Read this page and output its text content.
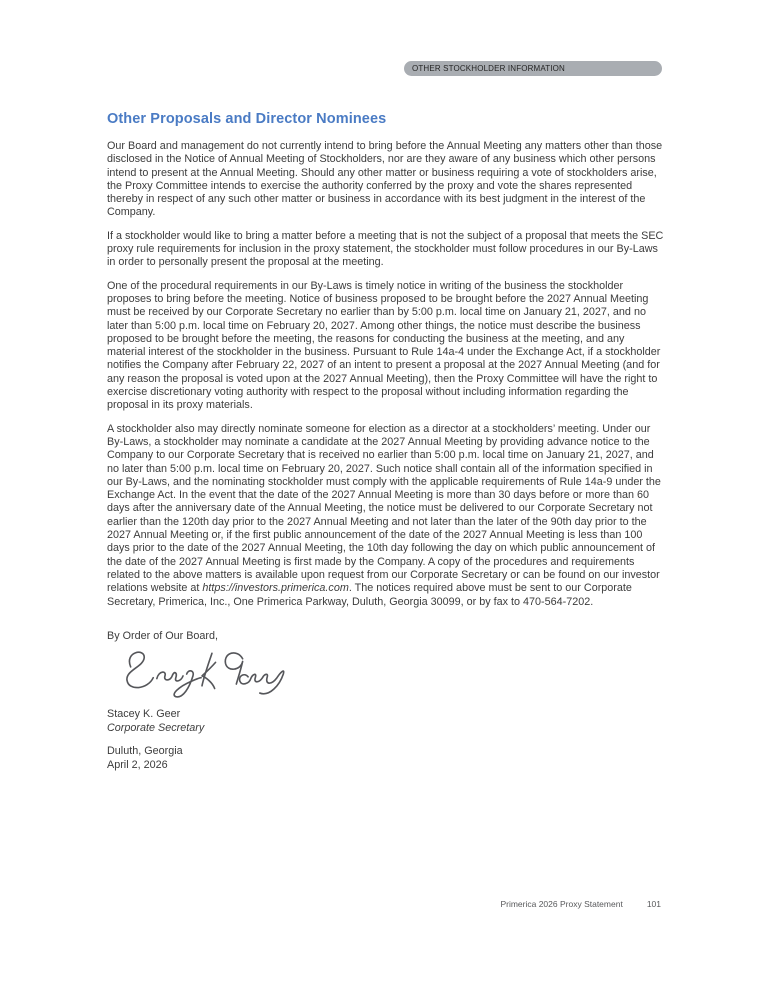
OTHER STOCKHOLDER INFORMATION
Other Proposals and Director Nominees

Our Board and management do not currently intend to bring before the Annual Meeting any matters other than those disclosed in the Notice of Annual Meeting of Stockholders, nor are they aware of any business which other persons intend to present at the Annual Meeting. Should any other matter or business requiring a vote of stockholders arise, the Proxy Committee intends to exercise the authority conferred by the proxy and vote the shares represented thereby in respect of any such other matter or business in accordance with its best judgment in the interest of the Company.

If a stockholder would like to bring a matter before a meeting that is not the subject of a proposal that meets the SEC proxy rule requirements for inclusion in the proxy statement, the stockholder must follow procedures in our By-Laws in order to personally present the proposal at the meeting.

One of the procedural requirements in our By-Laws is timely notice in writing of the business the stockholder proposes to bring before the meeting. Notice of business proposed to be brought before the 2027 Annual Meeting must be received by our Corporate Secretary no earlier than by 5:00 p.m. local time on January 21, 2027, and no later than 5:00 p.m. local time on February 20, 2027. Among other things, the notice must describe the business proposed to be brought before the meeting, the reasons for conducting the business at the meeting, and any material interest of the stockholder in the business. Pursuant to Rule 14a-4 under the Exchange Act, if a stockholder notifies the Company after February 22, 2027 of an intent to present a proposal at the 2027 Annual Meeting (and for any reason the proposal is voted upon at the 2027 Annual Meeting), then the Proxy Committee will have the right to exercise discretionary voting authority with respect to the proposal without including information regarding the proposal in its proxy materials.

A stockholder also may directly nominate someone for election as a director at a stockholders’ meeting. Under our By-Laws, a stockholder may nominate a candidate at the 2027 Annual Meeting by providing advance notice to the Company to our Corporate Secretary that is received no earlier than 5:00 p.m. local time on January 21, 2027, and no later than 5:00 p.m. local time on February 20, 2027. Such notice shall contain all of the information specified in our By-Laws, and the nominating stockholder must comply with the applicable requirements of Rule 14a-9 under the Exchange Act. In the event that the date of the 2027 Annual Meeting is more than 30 days before or more than 60 days after the anniversary date of the Annual Meeting, the notice must be delivered to our Corporate Secretary not earlier than the 120th day prior to the 2027 Annual Meeting and not later than the later of the 90th day prior to the 2027 Annual Meeting or, if the first public announcement of the date of the 2027 Annual Meeting is less than 100 days prior to the date of the 2027 Annual Meeting, the 10th day following the day on which public announcement of the date of the 2027 Annual Meeting is first made by the Company. A copy of the procedures and requirements related to the above matters is available upon request from our Corporate Secretary or can be found on our investor relations website at https://investors.primerica.com. The notices required above must be sent to our Corporate Secretary, Primerica, Inc., One Primerica Parkway, Duluth, Georgia 30099, or by fax to 470-564-7202.

By Order of Our Board,

Stacey K. Geer
Corporate Secretary
Duluth, Georgia
April 2, 2026
Primerica 2026 Proxy Statement	101
